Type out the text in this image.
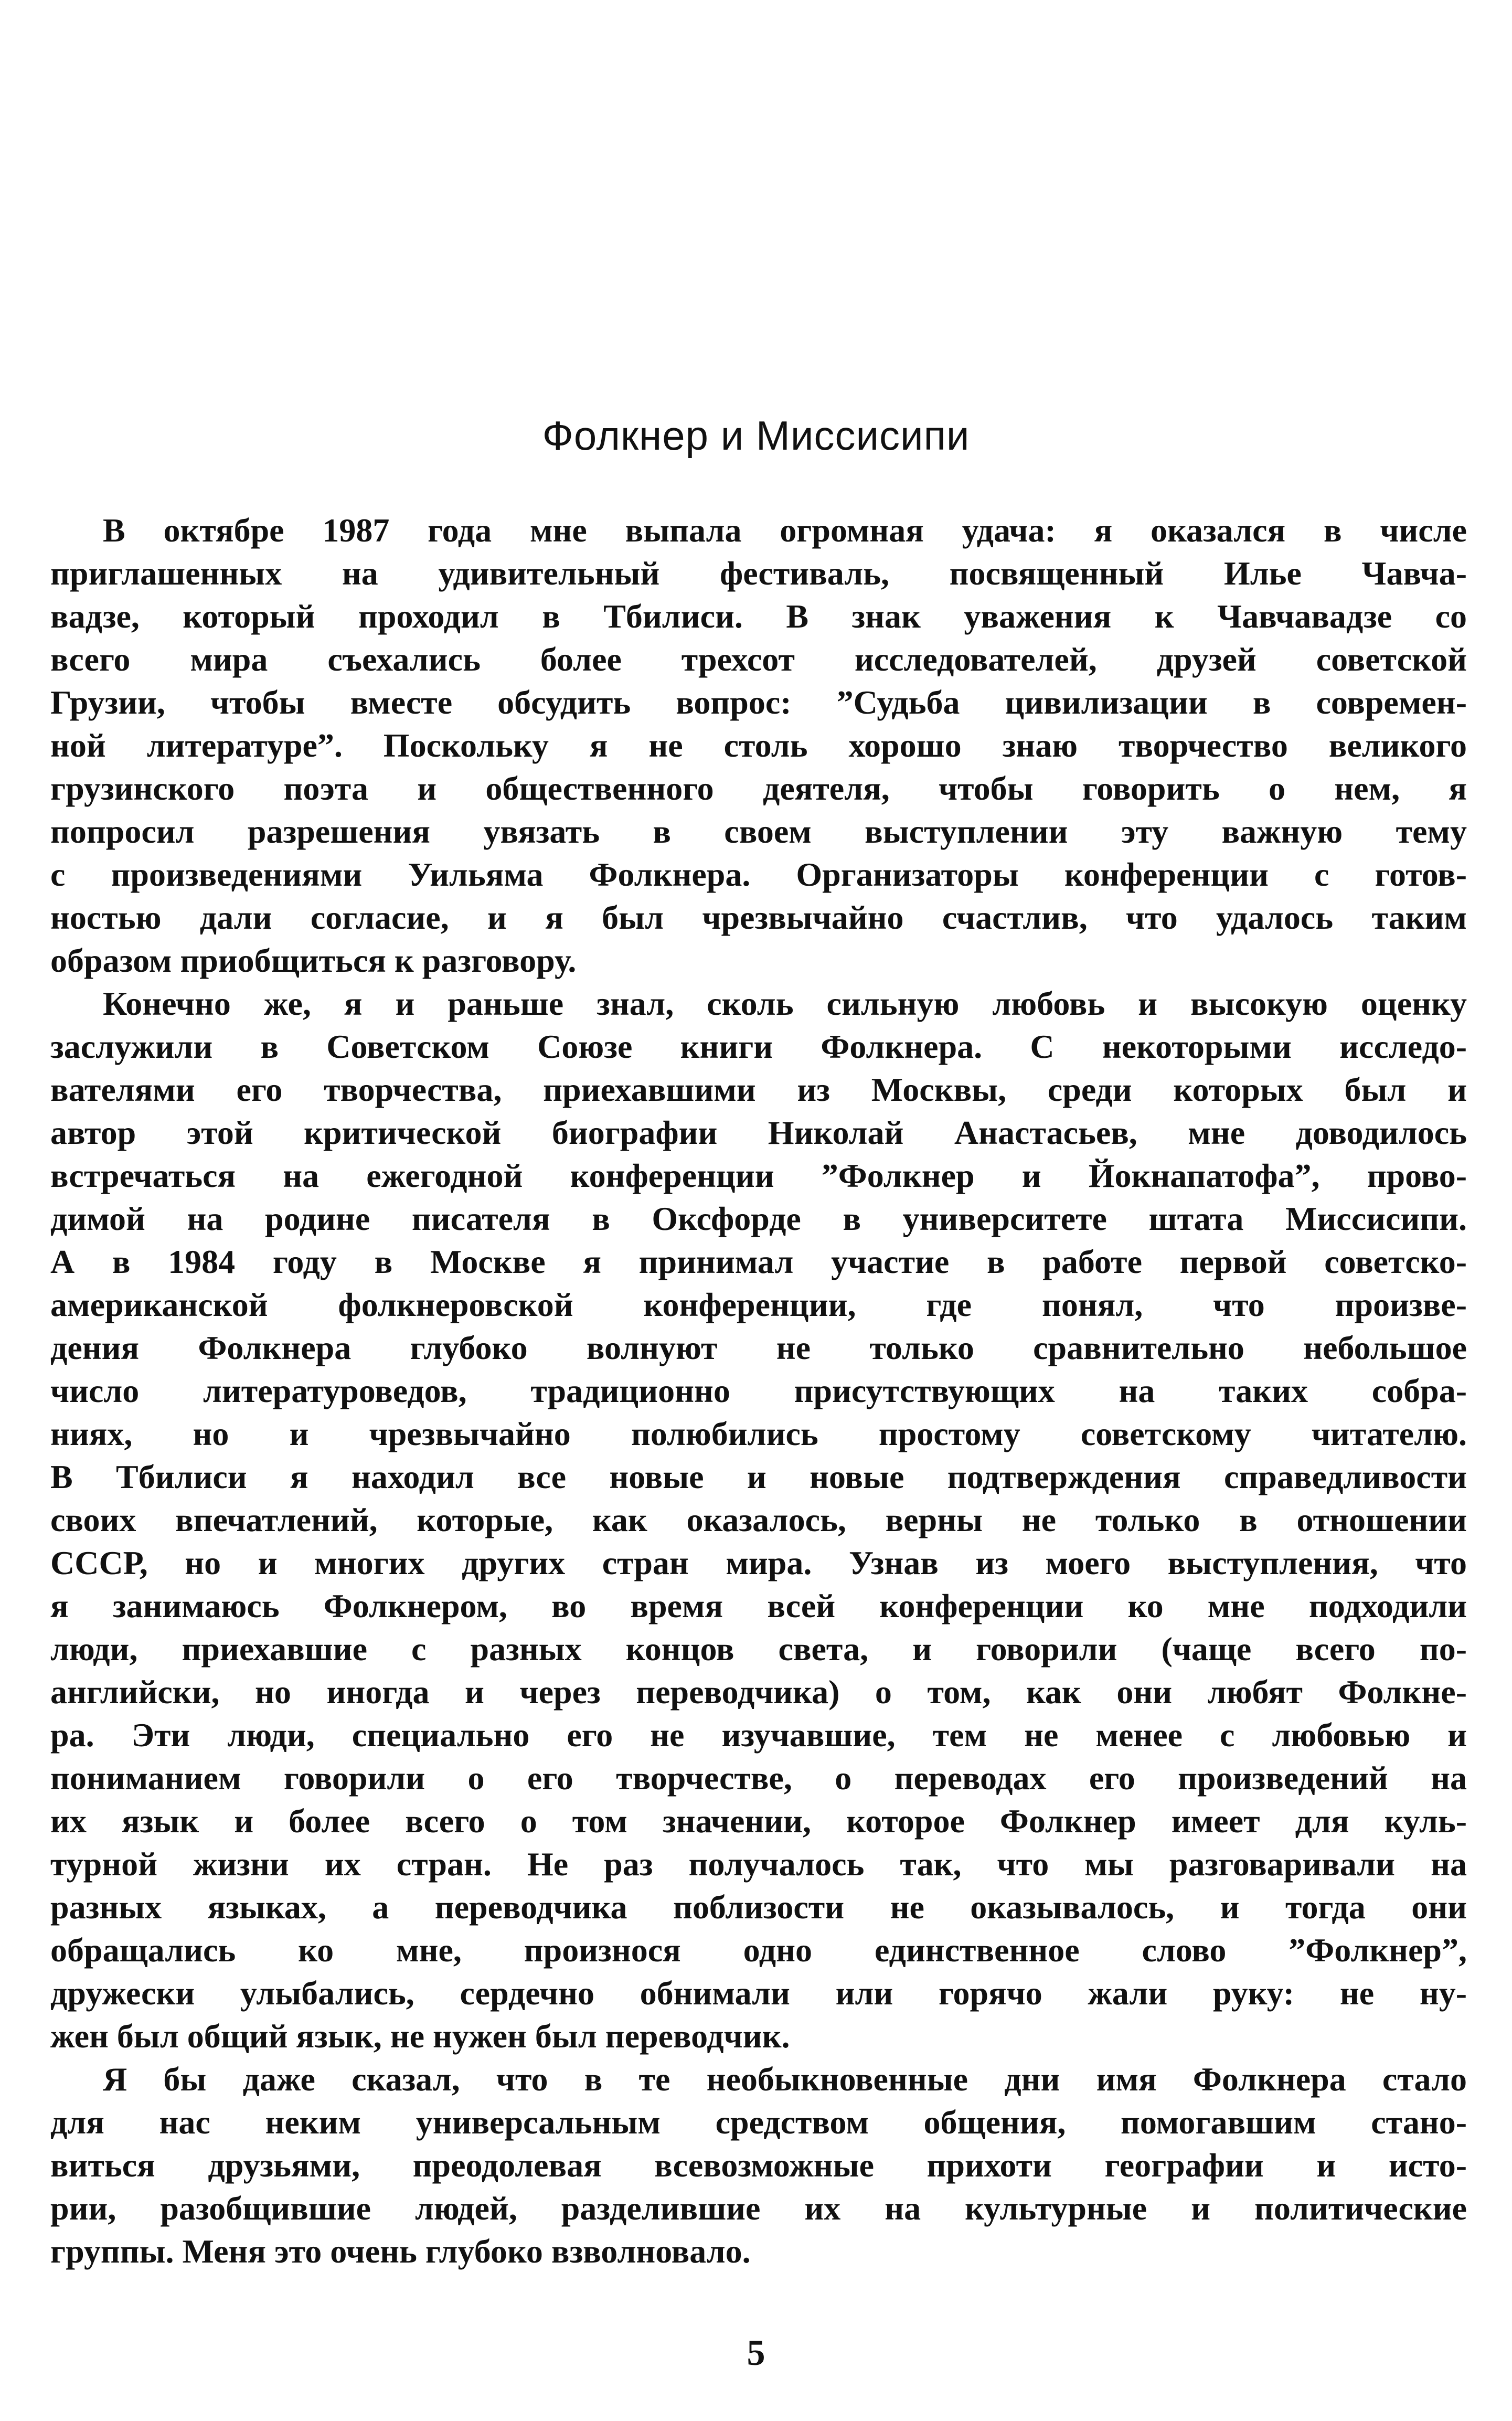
Фолкнер и Миссисипи
В октябре 1987 года мне выпала огромная удача: я оказался в числе
приглашенных на удивительный фестиваль, посвященный Илье Чавча-
вадзе, который проходил в Тбилиси. В знак уважения к Чавчавадзе со
всего мира съехались более трехсот исследователей, друзей советской
Грузии, чтобы вместе обсудить вопрос: ”Судьба цивилизации в современ-
ной литературе”. Поскольку я не столь хорошо знаю творчество великого
грузинского поэта и общественного деятеля, чтобы говорить о нем, я
попросил разрешения увязать в своем выступлении эту важную тему
с произведениями Уильяма Фолкнера. Организаторы конференции с готов-
ностью дали согласие, и я был чрезвычайно счастлив, что удалось таким
образом приобщиться к разговору.
Конечно же, я и раньше знал, сколь сильную любовь и высокую оценку
заслужили в Советском Союзе книги Фолкнера. С некоторыми исследо-
вателями его творчества, приехавшими из Москвы, среди которых был и
автор этой критической биографии Николай Анастасьев, мне доводилось
встречаться на ежегодной конференции ”Фолкнер и Йокнапатофа”, прово-
димой на родине писателя в Оксфорде в университете штата Миссисипи.
А в 1984 году в Москве я принимал участие в работе первой советско-
американской фолкнеровской конференции, где понял, что произве-
дения Фолкнера глубоко волнуют не только сравнительно небольшое
число литературоведов, традиционно присутствующих на таких собра-
ниях, но и чрезвычайно полюбились простому советскому читателю.
В Тбилиси я находил все новые и новые подтверждения справедливости
своих впечатлений, которые, как оказалось, верны не только в отношении
СССР, но и многих других стран мира. Узнав из моего выступления, что
я занимаюсь Фолкнером, во время всей конференции ко мне подходили
люди, приехавшие с разных концов света, и говорили (чаще всего по-
английски, но иногда и через переводчика) о том, как они любят Фолкне-
ра. Эти люди, специально его не изучавшие, тем не менее с любовью и
пониманием говорили о его творчестве, о переводах его произведений на
их язык и более всего о том значении, которое Фолкнер имеет для куль-
турной жизни их стран. Не раз получалось так, что мы разговаривали на
разных языках, а переводчика поблизости не оказывалось, и тогда они
обращались ко мне, произнося одно единственное слово ”Фолкнер”,
дружески улыбались, сердечно обнимали или горячо жали руку: не ну-
жен был общий язык, не нужен был переводчик.
Я бы даже сказал, что в те необыкновенные дни имя Фолкнера стало
для нас неким универсальным средством общения, помогавшим стано-
виться друзьями, преодолевая всевозможные прихоти географии и исто-
рии, разобщившие людей, разделившие их на культурные и политические
группы. Меня это очень глубоко взволновало.
5
